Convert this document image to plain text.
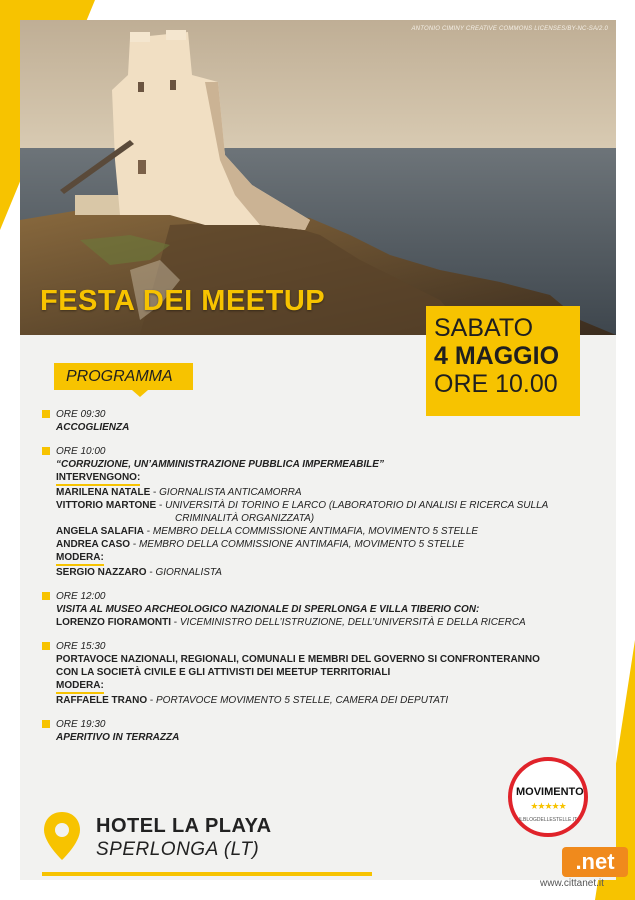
ANTONIO CIMINY CREATIVE COMMONS LICENSES/BY-NC-SA/2.0
FESTA DEI MEETUP
SABATO
4 MAGGIO
ORE 10.00
PROGRAMMA
ORE 09:30
ACCOGLIENZA
ORE 10:00
“CORRUZIONE, UN’AMMINISTRAZIONE PUBBLICA IMPERMEABILE”
INTERVENGONO:
MARILENA NATALE - GIORNALISTA ANTICAMORRA
VITTORIO MARTONE - UNIVERSITÀ DI TORINO E LARCO (LABORATORIO DI ANALISI E RICERCA SULLA
CRIMINALITÀ ORGANIZZATA)
ANGELA SALAFIA - MEMBRO DELLA COMMISSIONE ANTIMAFIA, MOVIMENTO 5 STELLE
ANDREA CASO - MEMBRO DELLA COMMISSIONE ANTIMAFIA, MOVIMENTO 5 STELLE
MODERA:
SERGIO NAZZARO - GIORNALISTA
ORE 12:00
VISITA AL MUSEO ARCHEOLOGICO NAZIONALE DI SPERLONGA E VILLA TIBERIO CON:
LORENZO FIORAMONTI - VICEMINISTRO DELL’ISTRUZIONE, DELL’UNIVERSITÀ E DELLA RICERCA
ORE 15:30
PORTAVOCE NAZIONALI, REGIONALI, COMUNALI E MEMBRI DEL GOVERNO SI CONFRONTERANNO
CON LA SOCIETÀ CIVILE E GLI ATTIVISTI DEI MEETUP TERRITORIALI
MODERA:
RAFFAELE TRANO - PORTAVOCE MOVIMENTO 5 STELLE, CAMERA DEI DEPUTATI
ORE 19:30
APERITIVO IN TERRAZZA
MOVIMENTO
★★★★★
ILBLOGDELLESTELLE.IT
HOTEL LA PLAYA
SPERLONGA (LT)	.net
www.cittanet.it
